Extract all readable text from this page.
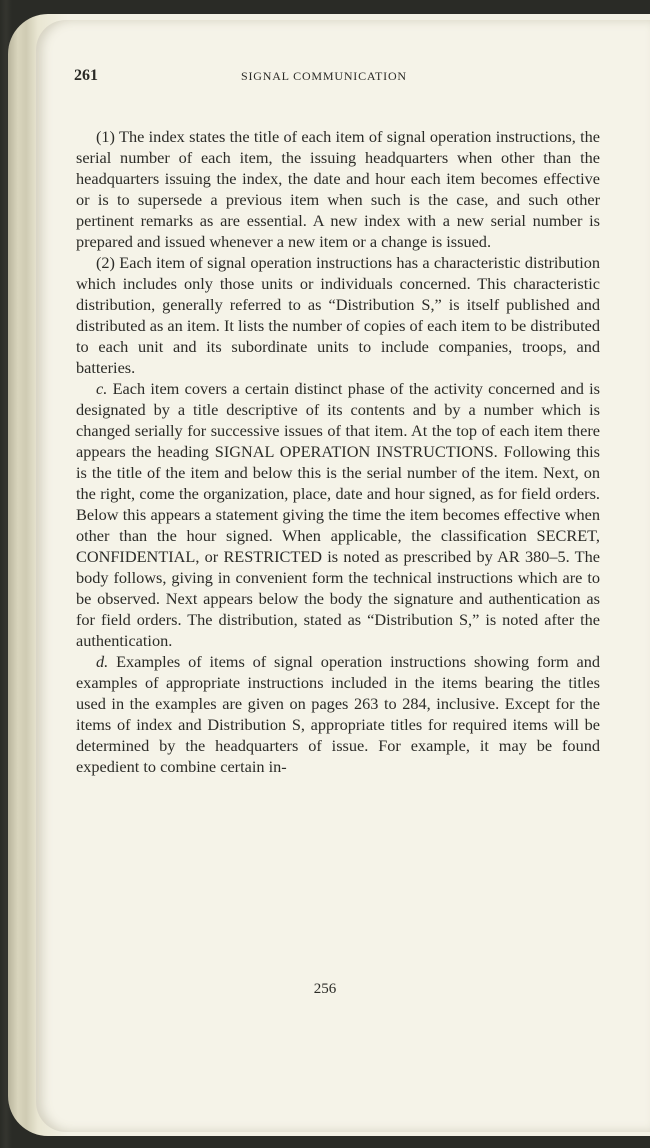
261	SIGNAL COMMUNICATION

(1) The index states the title of each item of signal operation instructions, the serial number of each item, the issuing headquarters when other than the headquarters issuing the index, the date and hour each item becomes effective or is to supersede a previous item when such is the case, and such other pertinent remarks as are essential. A new index with a new serial number is prepared and issued whenever a new item or a change is issued.

(2) Each item of signal operation instructions has a characteristic distribution which includes only those units or individuals concerned. This characteristic distribution, generally referred to as “Distribution S,” is itself published and distributed as an item. It lists the number of copies of each item to be distributed to each unit and its subordinate units to include companies, troops, and batteries.

c. Each item covers a certain distinct phase of the activity concerned and is designated by a title descriptive of its contents and by a number which is changed serially for successive issues of that item. At the top of each item there appears the heading SIGNAL OPERATION INSTRUCTIONS. Following this is the title of the item and below this is the serial number of the item. Next, on the right, come the organization, place, date and hour signed, as for field orders. Below this appears a statement giving the time the item becomes effective when other than the hour signed. When applicable, the classification SECRET, CONFIDENTIAL, or RESTRICTED is noted as prescribed by AR 380–5. The body follows, giving in convenient form the technical instructions which are to be observed. Next appears below the body the signature and authentication as for field orders. The distribution, stated as “Distribution S,” is noted after the authentication.

d. Examples of items of signal operation instructions showing form and examples of appropriate instructions included in the items bearing the titles used in the examples are given on pages 263 to 284, inclusive. Except for the items of index and Distribution S, appropriate titles for required items will be determined by the headquarters of issue. For example, it may be found expedient to combine certain in-

256
